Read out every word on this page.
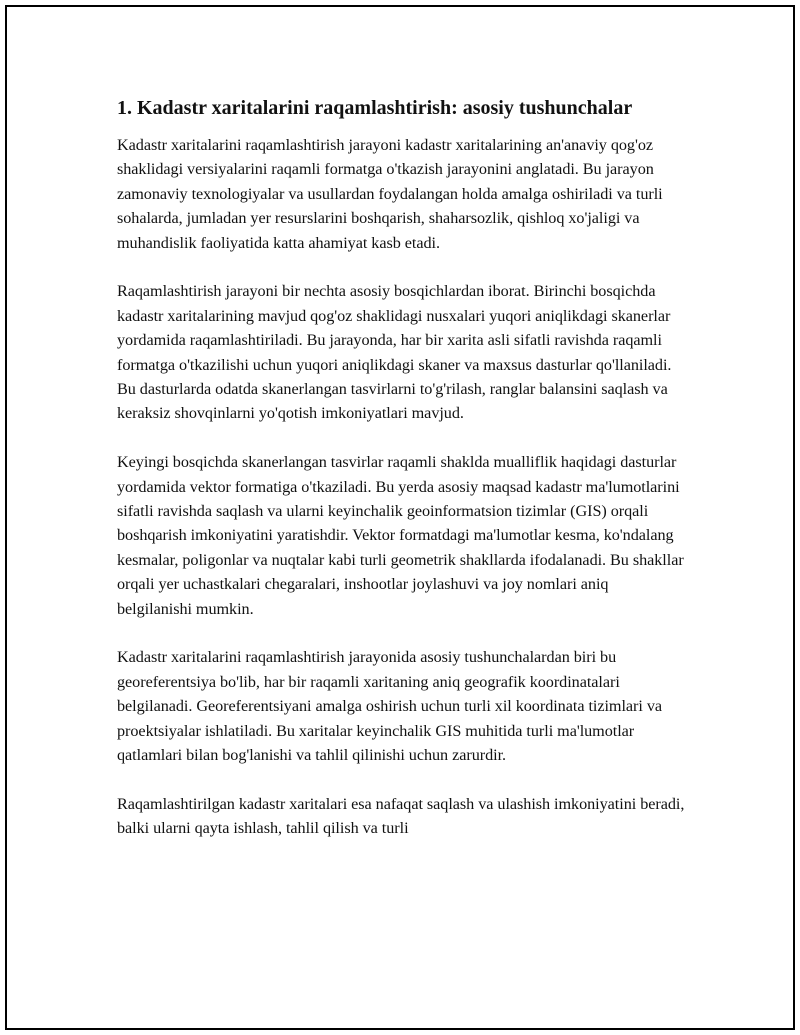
1. Kadastr xaritalarini raqamlashtirish: asosiy tushunchalar

Kadastr xaritalarini raqamlashtirish jarayoni kadastr xaritalarining an'anaviy qog'oz shaklidagi versiyalarini raqamli formatga o'tkazish jarayonini anglatadi. Bu jarayon zamonaviy texnologiyalar va usullardan foydalangan holda amalga oshiriladi va turli sohalarda, jumladan yer resurslarini boshqarish, shaharsozlik, qishloq xo'jaligi va muhandislik faoliyatida katta ahamiyat kasb etadi.

Raqamlashtirish jarayoni bir nechta asosiy bosqichlardan iborat. Birinchi bosqichda kadastr xaritalarining mavjud qog'oz shaklidagi nusxalari yuqori aniqlikdagi skanerlar yordamida raqamlashtiriladi. Bu jarayonda, har bir xarita asli sifatli ravishda raqamli formatga o'tkazilishi uchun yuqori aniqlikdagi skaner va maxsus dasturlar qo'llaniladi. Bu dasturlarda odatda skanerlangan tasvirlarni to'g'rilash, ranglar balansini saqlash va keraksiz shovqinlarni yo'qotish imkoniyatlari mavjud.

Keyingi bosqichda skanerlangan tasvirlar raqamli shaklda mualliflik haqidagi dasturlar yordamida vektor formatiga o'tkaziladi. Bu yerda asosiy maqsad kadastr ma'lumotlarini sifatli ravishda saqlash va ularni keyinchalik geoinformatsion tizimlar (GIS) orqali boshqarish imkoniyatini yaratishdir. Vektor formatdagi ma'lumotlar kesma, ko'ndalang kesmalar, poligonlar va nuqtalar kabi turli geometrik shakllarda ifodalanadi. Bu shakllar orqali yer uchastkalari chegaralari, inshootlar joylashuvi va joy nomlari aniq belgilanishi mumkin.

Kadastr xaritalarini raqamlashtirish jarayonida asosiy tushunchalardan biri bu georeferentsiya bo'lib, har bir raqamli xaritaning aniq geografik koordinatalari belgilanadi. Georeferentsiyani amalga oshirish uchun turli xil koordinata tizimlari va proektsiyalar ishlatiladi. Bu xaritalar keyinchalik GIS muhitida turli ma'lumotlar qatlamlari bilan bog'lanishi va tahlil qilinishi uchun zarurdir.

Raqamlashtirilgan kadastr xaritalari esa nafaqat saqlash va ulashish imkoniyatini beradi, balki ularni qayta ishlash, tahlil qilish va turli
